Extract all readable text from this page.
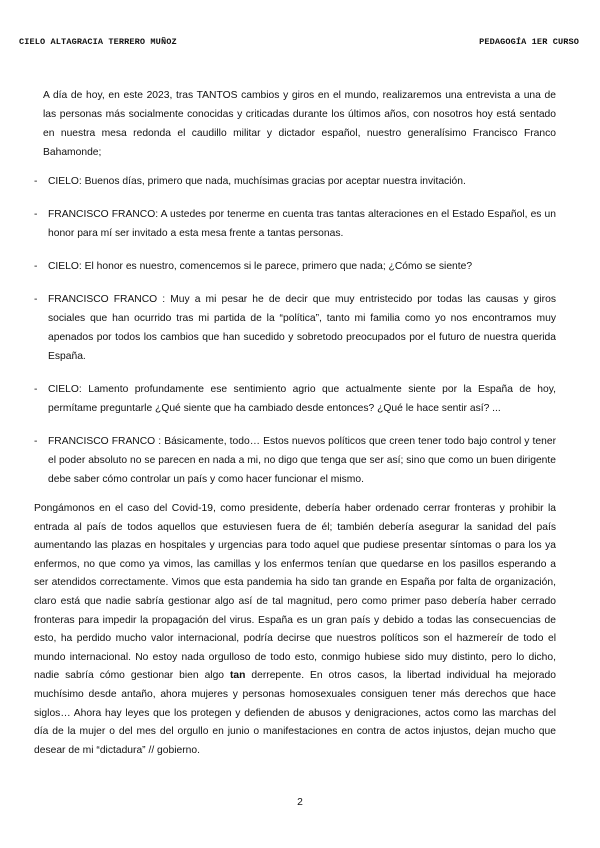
CIELO ALTAGRACIA TERRERO MUÑOZ	PEDAGOGÍA 1ER CURSO

A día de hoy, en este 2023, tras TANTOS cambios y giros en el mundo, realizaremos una entrevista a una de las personas más socialmente conocidas y criticadas durante los últimos años, con nosotros hoy está sentado en nuestra mesa redonda el caudillo militar y dictador español, nuestro generalísimo Francisco Franco Bahamonde;

- CIELO: Buenos días, primero que nada, muchísimas gracias por aceptar nuestra invitación.
- FRANCISCO FRANCO: A ustedes por tenerme en cuenta tras tantas alteraciones en el Estado Español, es un honor para mí ser invitado a esta mesa frente a tantas personas.
- CIELO: El honor es nuestro, comencemos si le parece, primero que nada; ¿Cómo se siente?
- FRANCISCO FRANCO : Muy a mi pesar he de decir que muy entristecido por todas las causas y giros sociales que han ocurrido tras mi partida de la “política”, tanto mi familia como yo nos encontramos muy apenados por todos los cambios que han sucedido y sobretodo preocupados por el futuro de nuestra querida España.
- CIELO: Lamento profundamente ese sentimiento agrio que actualmente siente por la España de hoy, permítame preguntarle ¿Qué siente que ha cambiado desde entonces? ¿Qué le hace sentir así? ...
- FRANCISCO FRANCO : Básicamente, todo… Estos nuevos políticos que creen tener todo bajo control y tener el poder absoluto no se parecen en nada a mi, no digo que tenga que ser así; sino que como un buen dirigente debe saber cómo controlar un país y como hacer funcionar el mismo.

Pongámonos en el caso del Covid-19, como presidente, debería haber ordenado cerrar fronteras y prohibir la entrada al país de todos aquellos que estuviesen fuera de él; también debería asegurar la sanidad del país aumentando las plazas en hospitales y urgencias para todo aquel que pudiese presentar síntomas o para los ya enfermos, no que como ya vimos, las camillas y los enfermos tenían que quedarse en los pasillos esperando a ser atendidos correctamente. Vimos que esta pandemia ha sido tan grande en España por falta de organización, claro está que nadie sabría gestionar algo así de tal magnitud, pero como primer paso debería haber cerrado fronteras para impedir la propagación del virus. España es un gran país y debido a todas las consecuencias de esto, ha perdido mucho valor internacional, podría decirse que nuestros políticos son el hazmereír de todo el mundo internacional. No estoy nada orgulloso de todo esto, conmigo hubiese sido muy distinto, pero lo dicho, nadie sabría cómo gestionar bien algo tan derrepente. En otros casos, la libertad individual ha mejorado muchísimo desde antaño, ahora mujeres y personas homosexuales consiguen tener más derechos que hace siglos… Ahora hay leyes que los protegen y defienden de abusos y denigraciones, actos como las marchas del día de la mujer o del mes del orgullo en junio o manifestaciones en contra de actos injustos, dejan mucho que desear de mi “dictadura” // gobierno.

2
